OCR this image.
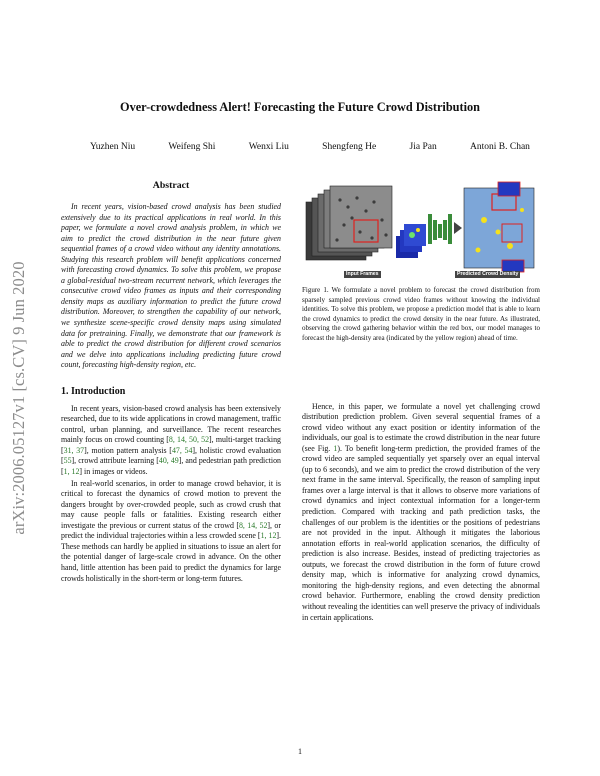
arXiv:2006.05127v1 [cs.CV] 9 Jun 2020
Over-crowdedness Alert! Forecasting the Future Crowd Distribution
Yuzhen Niu	Weifeng Shi	Wenxi Liu	Shengfeng He	Jia Pan	Antoni B. Chan
Abstract

In recent years, vision-based crowd analysis has been studied extensively due to its practical applications in real world. In this paper, we formulate a novel crowd analysis problem, in which we aim to predict the crowd distribution in the near future given sequential frames of a crowd video without any identity annotations. Studying this research problem will benefit applications concerned with forecasting crowd dynamics. To solve this problem, we propose a global-residual two-stream recurrent network, which leverages the consecutive crowd video frames as inputs and their corresponding density maps as auxiliary information to predict the future crowd distribution. Moreover, to strengthen the capability of our network, we synthesize scene-specific crowd density maps using simulated data for pretraining. Finally, we demonstrate that our framework is able to predict the crowd distribution for different crowd scenarios and we delve into applications including predicting future crowd count, forecasting high-density region, etc.

1. Introduction

In recent years, vision-based crowd analysis has been extensively researched, due to its wide applications in crowd management, traffic control, urban planning, and surveillance. The recent researches mainly focus on crowd counting [8, 14, 50, 52], multi-target tracking [31, 37], motion pattern analysis [47, 54], holistic crowd evaluation [55], crowd attribute learning [40, 49], and pedestrian path prediction [1, 12] in images or videos.

In real-world scenarios, in order to manage crowd behavior, it is critical to forecast the dynamics of crowd motion to prevent the dangers brought by over-crowded people, such as crowd crush that may cause people falls or fatalities. Existing research either investigate the previous or current status of the crowd [8, 14, 52], or predict the individual trajectories within a less crowded scene [1, 12]. These methods can hardly be applied in situations to issue an alert for the potential danger of large-scale crowd in advance. On the other hand, little attention has been paid to predict the dynamics for large crowds holistically in the short-term or long-term futures.

Input Frames	Predicted Crowd Density

Figure 1. We formulate a novel problem to forecast the crowd distribution from sparsely sampled previous crowd video frames without knowing the individual identities. To solve this problem, we propose a prediction model that is able to learn the crowd dynamics to predict the crowd density in the near future. As illustrated, observing the crowd gathering behavior within the red box, our model manages to forecast the high-density area (indicated by the yellow region) ahead of time.

Hence, in this paper, we formulate a novel yet challenging crowd distribution prediction problem. Given several sequential frames of a crowd video without any exact position or identity information of the individuals, our goal is to estimate the crowd distribution in the near future (see Fig. 1). To benefit long-term prediction, the provided frames of the crowd video are sampled sequentially yet sparsely over an equal interval (up to 6 seconds), and we aim to predict the crowd distribution of the very next frame in the same interval. Specifically, the reason of sampling input frames over a large interval is that it allows to observe more variations of crowd dynamics and inject contextual information for a longer-term prediction. Compared with tracking and path prediction tasks, the challenges of our problem is the identities or the positions of pedestrians are not provided in the input. Although it mitigates the laborious annotation efforts in real-world application scenarios, the difficulty of prediction is also increase. Besides, instead of predicting trajectories as outputs, we forecast the crowd distribution in the form of future crowd density map, which is informative for analyzing crowd dynamics, monitoring the high-density regions, and even detecting the abnormal crowd behavior. Furthermore, enabling the crowd density prediction without revealing the identities can well preserve the privacy of individuals in certain applications.

1
